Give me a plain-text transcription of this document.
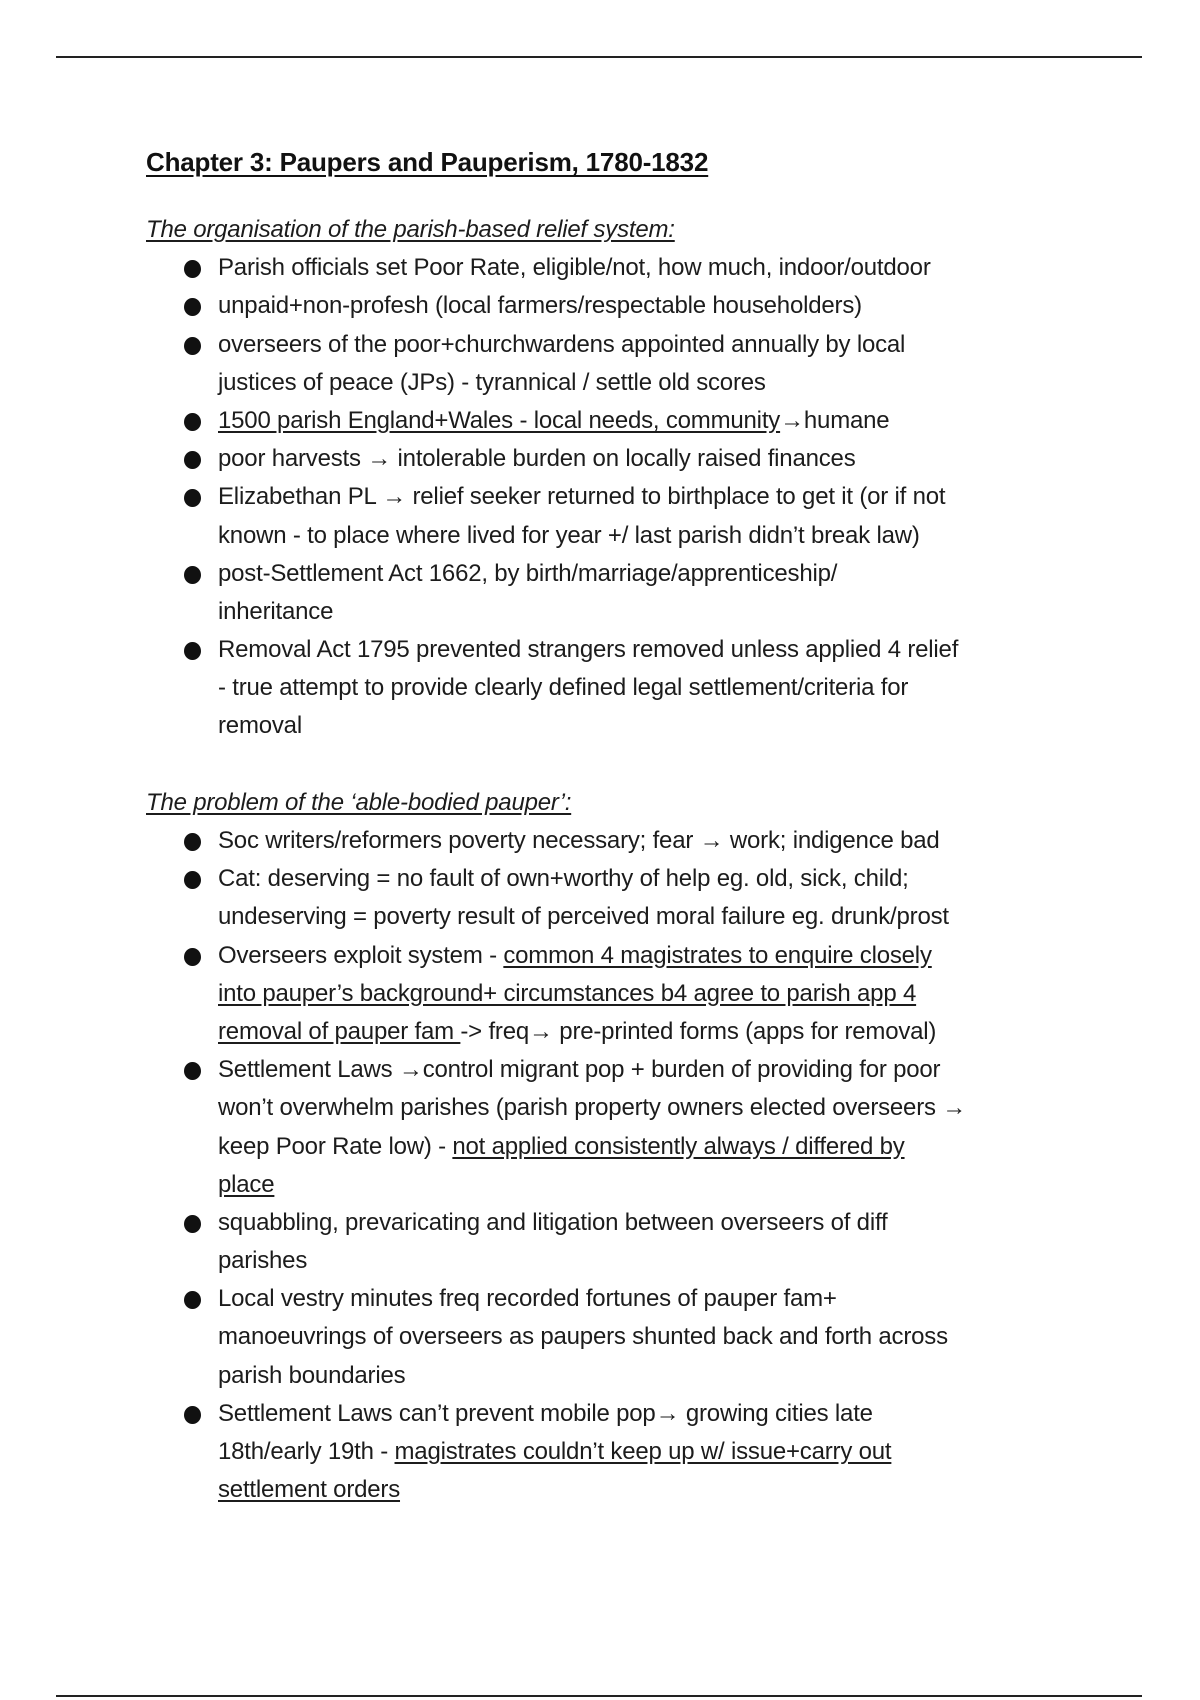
Chapter 3: Paupers and Pauperism, 1780-1832
The organisation of the parish-based relief system:
Parish officials set Poor Rate, eligible/not, how much, indoor/outdoor
unpaid+non-profesh (local farmers/respectable householders)
overseers of the poor+churchwardens appointed annually by local
justices of peace (JPs) - tyrannical / settle old scores
1500 parish England+Wales - local needs, community→humane
poor harvests → intolerable burden on locally raised finances
Elizabethan PL → relief seeker returned to birthplace to get it (or if not
known - to place where lived for year +/ last parish didn’t break law)
post-Settlement Act 1662, by birth/marriage/apprenticeship/
inheritance
Removal Act 1795 prevented strangers removed unless applied 4 relief
- true attempt to provide clearly defined legal settlement/criteria for
removal
The problem of the ‘able-bodied pauper’:
Soc writers/reformers poverty necessary; fear → work; indigence bad
Cat: deserving = no fault of own+worthy of help eg. old, sick, child;
undeserving = poverty result of perceived moral failure eg. drunk/prost
Overseers exploit system - common 4 magistrates to enquire closely
into pauper’s background+ circumstances b4 agree to parish app 4
removal of pauper fam -> freq→ pre-printed forms (apps for removal)
Settlement Laws →control migrant pop + burden of providing for poor
won’t overwhelm parishes (parish property owners elected overseers →
keep Poor Rate low) - not applied consistently always / differed by
place
squabbling, prevaricating and litigation between overseers of diff
parishes
Local vestry minutes freq recorded fortunes of pauper fam+
manoeuvrings of overseers as paupers shunted back and forth across
parish boundaries
Settlement Laws can’t prevent mobile pop→ growing cities late
18th/early 19th - magistrates couldn’t keep up w/ issue+carry out
settlement orders
